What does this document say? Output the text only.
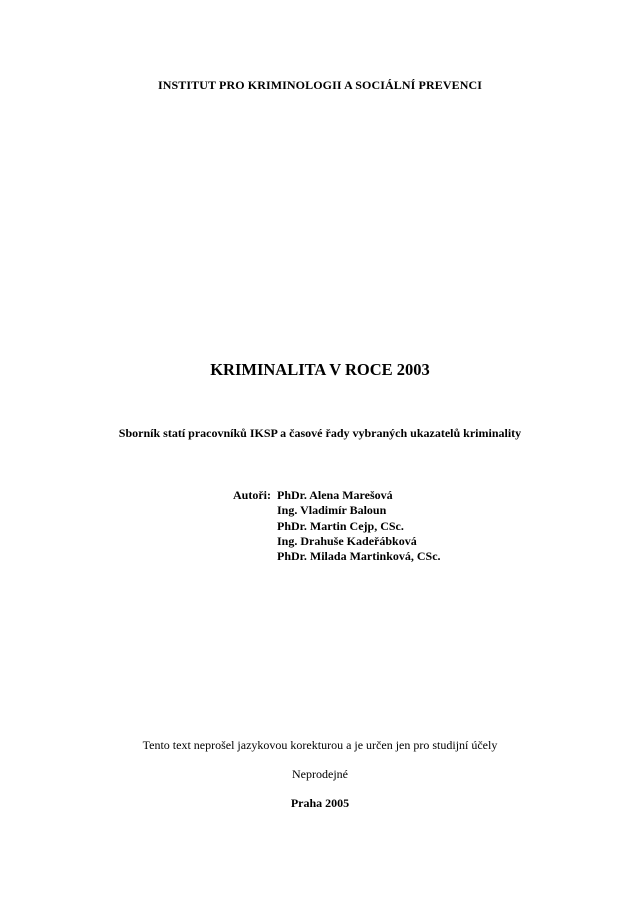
INSTITUT PRO KRIMINOLOGII A SOCIÁLNÍ PREVENCI
KRIMINALITA V ROCE 2003
Sborník statí pracovníků IKSP a časové řady vybraných ukazatelů kriminality
Autoři: PhDr. Alena Marešová
Ing. Vladimír Baloun
PhDr. Martin Cejp, CSc.
Ing. Drahuše Kadeřábková
PhDr. Milada Martinková, CSc.
Tento text neprošel jazykovou korekturou a je určen jen pro studijní účely
Neprodejné
Praha 2005
